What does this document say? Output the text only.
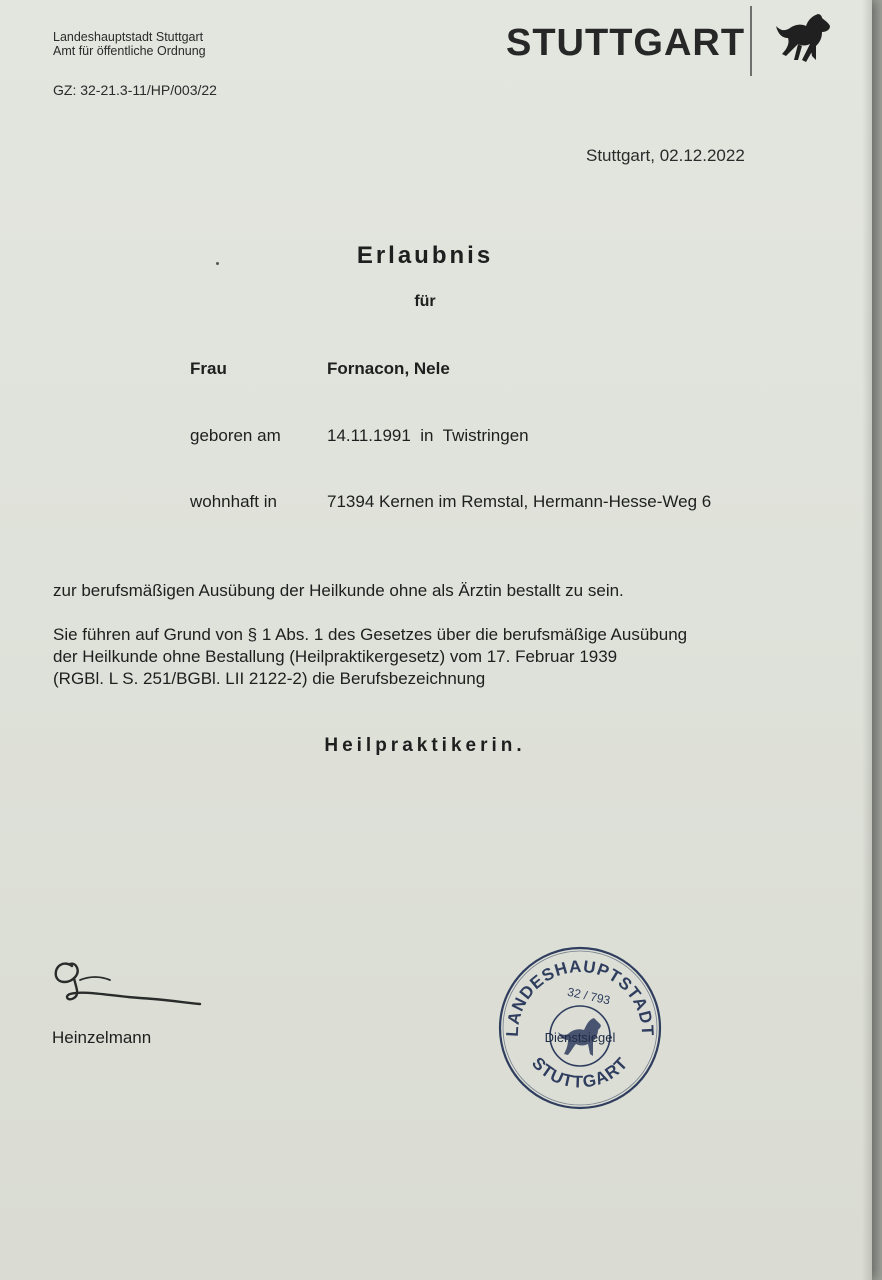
Landeshauptstadt Stuttgart
Amt für öffentliche Ordnung
GZ: 32-21.3-11/HP/003/22
STUTTGART
Stuttgart, 02.12.2022
Erlaubnis
für
Frau	Fornacon, Nele
geboren am	14.11.1991  in  Twistringen
wohnhaft in	71394 Kernen im Remstal, Hermann-Hesse-Weg 6
zur berufsmäßigen Ausübung der Heilkunde ohne als Ärztin bestallt zu sein.
Sie führen auf Grund von § 1 Abs. 1 des Gesetzes über die berufsmäßige Ausübung
der Heilkunde ohne Bestallung (Heilpraktikergesetz) vom 17. Februar 1939
(RGBl. L S. 251/BGBl. LII 2122-2) die Berufsbezeichnung
Heilpraktikerin.
Heinzelmann	LANDESHAUPTSTADT
STUTTGART
32 / 793
Dienstsiegel
